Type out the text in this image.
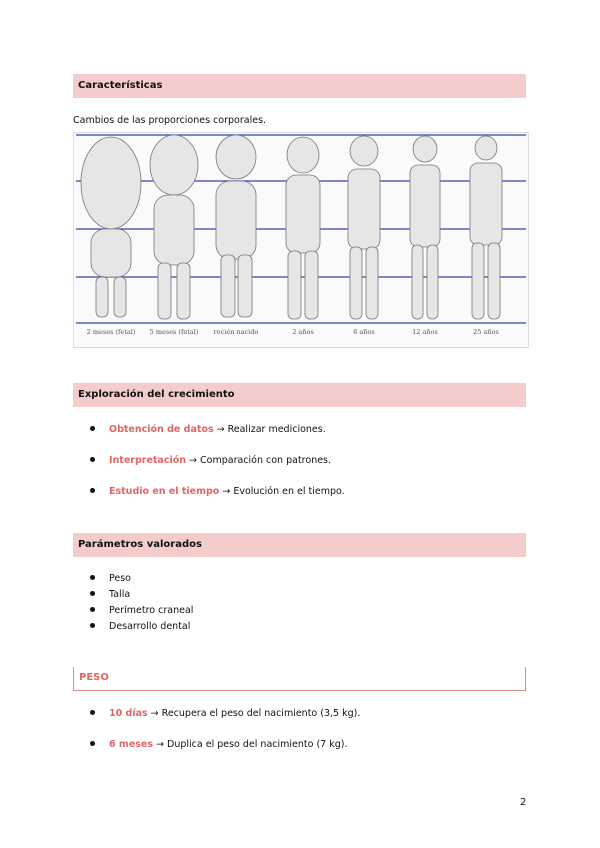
Características
Cambios de las proporciones corporales.
2 meses (fetal) 5 meses (fetal) recién nacido	2 años	6 años	12 años	25 años
Exploración del crecimiento
Obtención de datos → Realizar mediciones.
Interpretación → Comparación con patrones.
Estudio en el tiempo → Evolución en el tiempo.
Parámetros valorados
Peso
Talla
Perímetro craneal
Desarrollo dental
PESO
10 días → Recupera el peso del nacimiento (3,5 kg).
6 meses → Duplica el peso del nacimiento (7 kg).
2
